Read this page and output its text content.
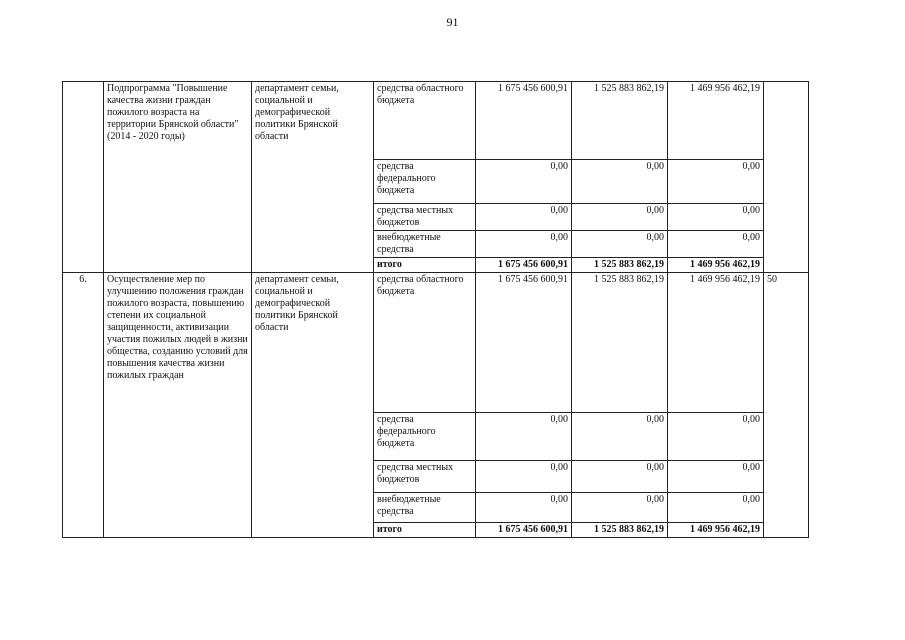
91
	Подпрограмма "Повышение качества жизни граждан пожилого возраста на территории Брянской области" (2014 - 2020 годы)	департамент семьи, социальной и демографической политики Брянской области	средства областного бюджета	1 675 456 600,91	1 525 883 862,19	1 469 956 462,19	
			средства федерального бюджета	0,00	0,00	0,00	
			средства местных бюджетов	0,00	0,00	0,00	
			внебюджетные средства	0,00	0,00	0,00	
			итого	1 675 456 600,91	1 525 883 862,19	1 469 956 462,19	
6.	Осуществление мер по улучшению положения граждан пожилого возраста, повышению степени их социальной защищенности, активизации участия пожилых людей в жизни общества, созданию условий для повышения качества жизни пожилых граждан	департамент семьи, социальной и демографической политики Брянской области	средства областного бюджета	1 675 456 600,91	1 525 883 862,19	1 469 956 462,19	50
			средства федерального бюджета	0,00	0,00	0,00	
			средства местных бюджетов	0,00	0,00	0,00	
			внебюджетные средства	0,00	0,00	0,00	
			итого	1 675 456 600,91	1 525 883 862,19	1 469 956 462,19	
